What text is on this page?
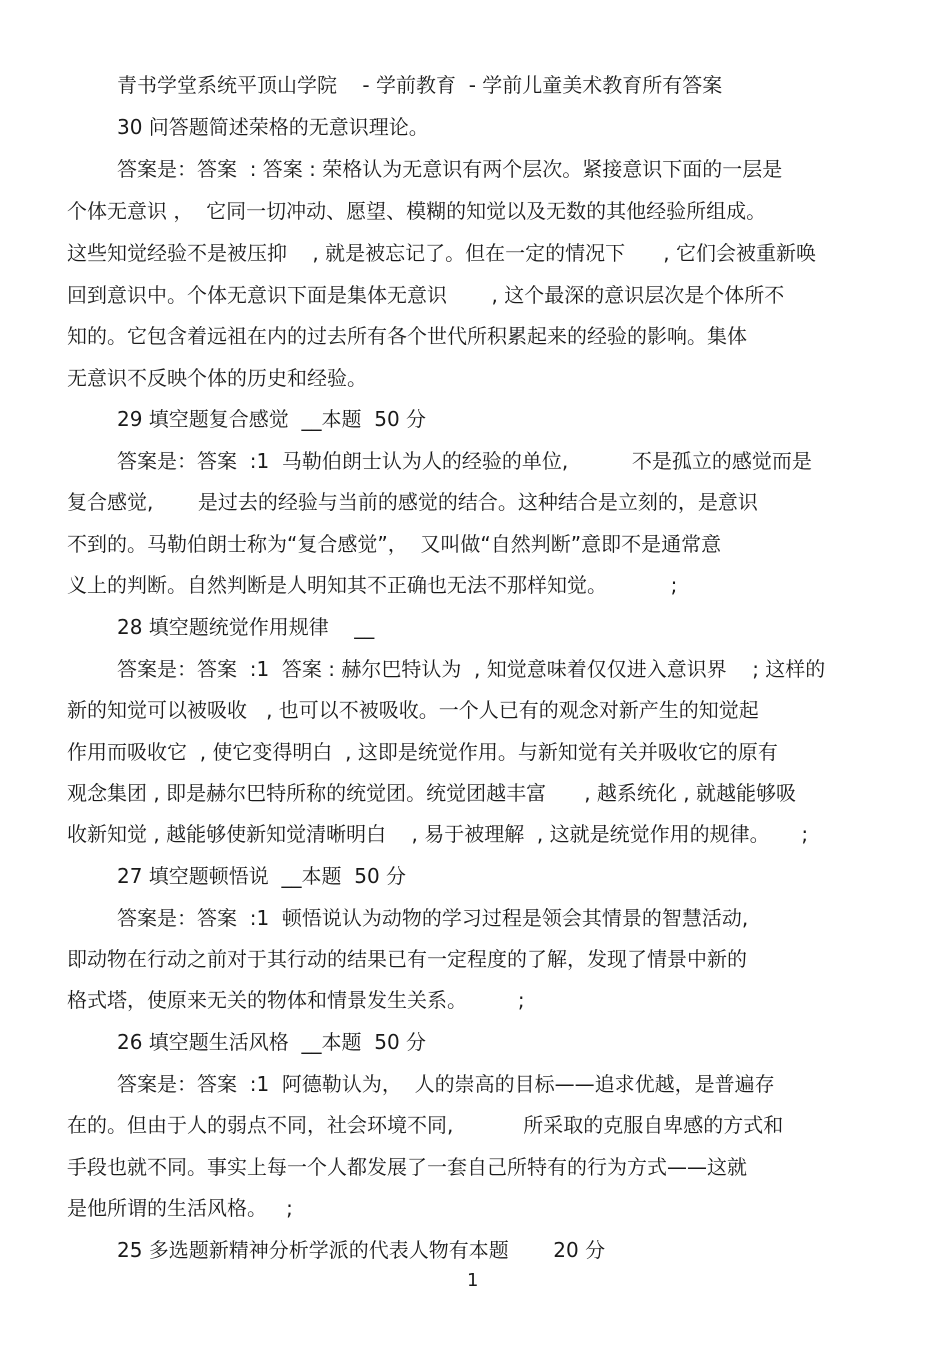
青书学堂系统平顶山学院    - 学前教育  - 学前儿童美术教育所有答案
30 问答题简述荣格的无意识理论。
答案是：答案  : 答案 : 荣格认为无意识有两个层次。紧接意识下面的一层是
个体无意识 ，  它同一切冲动、愿望、模糊的知觉以及无数的其他经验所组成。
这些知觉经验不是被压抑    , 就是被忘记了。但在一定的情况下      , 它们会被重新唤
回到意识中。个体无意识下面是集体无意识       , 这个最深的意识层次是个体所不
知的。它包含着远祖在内的过去所有各个世代所积累起来的经验的影响。集体
无意识不反映个体的历史和经验。
29 填空题复合感觉  __本题  50 分
答案是：答案  :1  马勒伯朗士认为人的经验的单位,          不是孤立的感觉而是
复合感觉,       是过去的经验与当前的感觉的结合。这种结合是立刻的，是意识
不到的。马勒伯朗士称为“复合感觉”，  又叫做“自然判断”意即不是通常意
义上的判断。自然判断是人明知其不正确也无法不那样知觉。          ;
28 填空题统觉作用规律    __
答案是：答案  :1  答案 : 赫尔巴特认为  , 知觉意味着仅仅进入意识界    ; 这样的
新的知觉可以被吸收   , 也可以不被吸收。一个人已有的观念对新产生的知觉起
作用而吸收它  , 使它变得明白  , 这即是统觉作用。与新知觉有关并吸收它的原有
观念集团 , 即是赫尔巴特所称的统觉团。统觉团越丰富      , 越系统化 , 就越能够吸
收新知觉 , 越能够使新知觉清晰明白    , 易于被理解  , 这就是统觉作用的规律。     ;
27 填空题顿悟说  __本题  50 分
答案是：答案  :1  顿悟说认为动物的学习过程是领会其情景的智慧活动,
即动物在行动之前对于其行动的结果已有一定程度的了解，发现了情景中新的
格式塔，使原来无关的物体和情景发生关系。        ;
26 填空题生活风格  __本题  50 分
答案是：答案  :1  阿德勒认为，  人的崇高的目标——追求优越，是普遍存
在的。但由于人的弱点不同，社会环境不同,           所采取的克服自卑感的方式和
手段也就不同。事实上每一个人都发展了一套自己所特有的行为方式——这就
是他所谓的生活风格。   ;
25 多选题新精神分析学派的代表人物有本题       20 分
1
